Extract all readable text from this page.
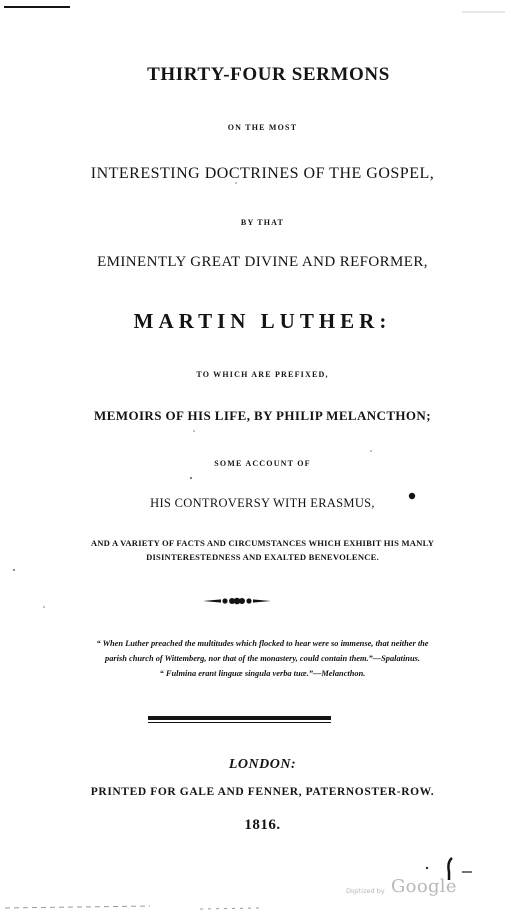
THIRTY-FOUR SERMONS
ON THE MOST
INTERESTING DOCTRINES OF THE GOSPEL,
BY THAT
EMINENTLY GREAT DIVINE AND REFORMER,
MARTIN LUTHER:
TO WHICH ARE PREFIXED,
MEMOIRS OF HIS LIFE, BY PHILIP MELANCTHON;
SOME ACCOUNT OF
HIS CONTROVERSY WITH ERASMUS,
AND A VARIETY OF FACTS AND CIRCUMSTANCES WHICH EXHIBIT HIS MANLY
DISINTERESTEDNESS AND EXALTED BENEVOLENCE.
“ When Luther preached the multitudes which flocked to hear were so immense, that neither the
parish church of Wittemberg, nor that of the monastery, could contain them.”—Spalatinus.
“ Fulmina erant linguæ singula verba tuæ.”—Melancthon.
LONDON:
PRINTED FOR GALE AND FENNER, PATERNOSTER-ROW.
1816.
Digitized by Google
